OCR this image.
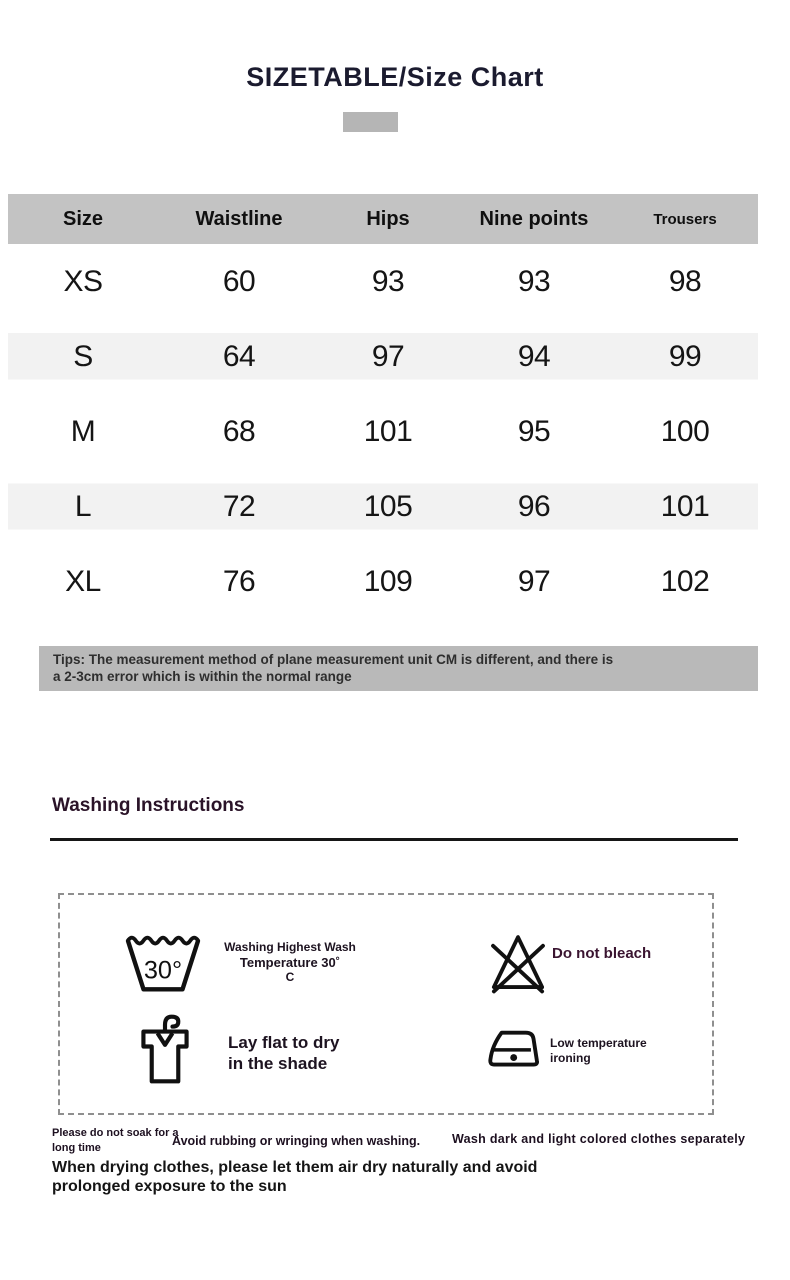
SIZETABLE/Size Chart
Size	Waistline	Hips	Nine points	Trousers
XS	60	93	93	98
S	64	97	94	99
M	68	101	95	100
L	72	105	96	101
XL	76	109	97	102
Tips: The measurement method of plane measurement unit CM is different, and there is
a 2-3cm error which is within the normal range
Washing Instructions
30°
Washing Highest Wash
Temperature 30˚
C
Do not bleach
Lay flat to dry
in the shade
Low temperature
ironing
Please do not soak for a long time	Avoid rubbing or wringing when washing.	Wash dark and light colored clothes separately
When drying clothes, please let them air dry naturally and avoid prolonged exposure to the sun
